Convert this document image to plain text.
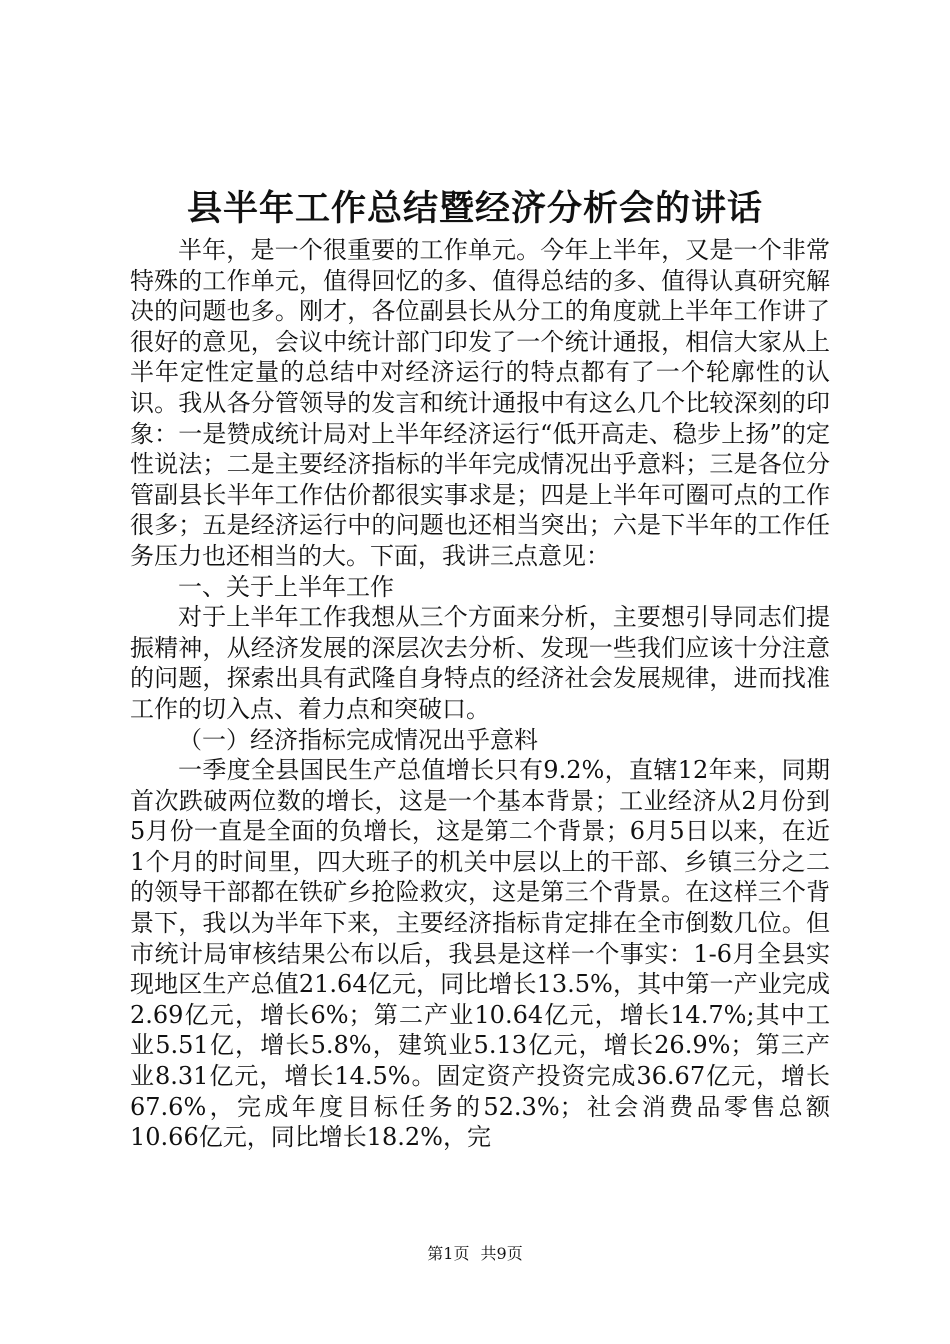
县半年工作总结暨经济分析会的讲话

半年，是一个很重要的工作单元。今年上半年，又是一个非常特殊的工作单元，值得回忆的多、值得总结的多、值得认真研究解决的问题也多。刚才，各位副县长从分工的角度就上半年工作讲了很好的意见，会议中统计部门印发了一个统计通报，相信大家从上半年定性定量的总结中对经济运行的特点都有了一个轮廓性的认识。我从各分管领导的发言和统计通报中有这么几个比较深刻的印象：一是赞成统计局对上半年经济运行“低开高走、稳步上扬”的定性说法；二是主要经济指标的半年完成情况出乎意料；三是各位分管副县长半年工作估价都很实事求是；四是上半年可圈可点的工作很多；五是经济运行中的问题也还相当突出；六是下半年的工作任务压力也还相当的大。下面，我讲三点意见：

一、关于上半年工作

对于上半年工作我想从三个方面来分析，主要想引导同志们提振精神，从经济发展的深层次去分析、发现一些我们应该十分注意的问题，探索出具有武隆自身特点的经济社会发展规律，进而找准工作的切入点、着力点和突破口。

（一）经济指标完成情况出乎意料

一季度全县国民生产总值增长只有9.2%，直辖12年来，同期首次跌破两位数的增长，这是一个基本背景；工业经济从2月份到5月份一直是全面的负增长，这是第二个背景；6月5日以来，在近1个月的时间里，四大班子的机关中层以上的干部、乡镇三分之二的领导干部都在铁矿乡抢险救灾，这是第三个背景。在这样三个背景下，我以为半年下来，主要经济指标肯定排在全市倒数几位。但市统计局审核结果公布以后，我县是这样一个事实：1-6月全县实现地区生产总值21.64亿元，同比增长13.5%，其中第一产业完成2.69亿元，增长6%；第二产业10.64亿元，增长14.7%;其中工业5.51亿，增长5.8%，建筑业5.13亿元，增长26.9%；第三产业8.31亿元，增长14.5%。固定资产投资完成36.67亿元，增长67.6%，完成年度目标任务的52.3%；社会消费品零售总额10.66亿元，同比增长18.2%，完

第1页 共9页
